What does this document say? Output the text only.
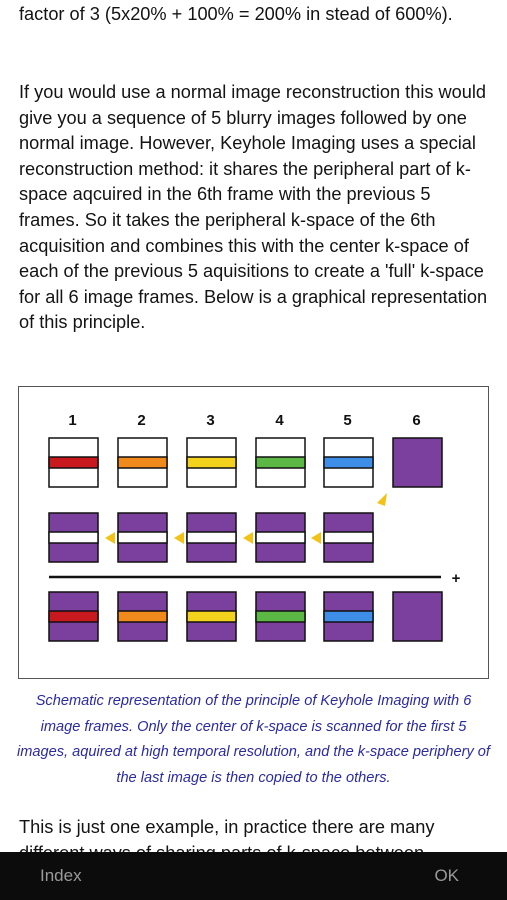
factor of 3 (5x20% + 100% = 200% in stead of 600%).

If you would use a normal image reconstruction this would give you a sequence of 5 blurry images followed by one normal image. However, Keyhole Imaging uses a special reconstruction method: it shares the peripheral part of k-space aqcuired in the 6th frame with the previous 5 frames. So it takes the peripheral k-space of the 6th acquisition and combines this with the center k-space of each of the previous 5 aquisitions to create a 'full' k-space for all 6 image frames. Below is a graphical representation of this principle.

1	2	3	4	5	6
+

Schematic representation of the principle of Keyhole Imaging with 6 image frames. Only the center of k-space is scanned for the first 5 images, aquired at high temporal resolution, and the k-space periphery of the last image is then copied to the others.

This is just one example, in practice there are many

Index	OK
